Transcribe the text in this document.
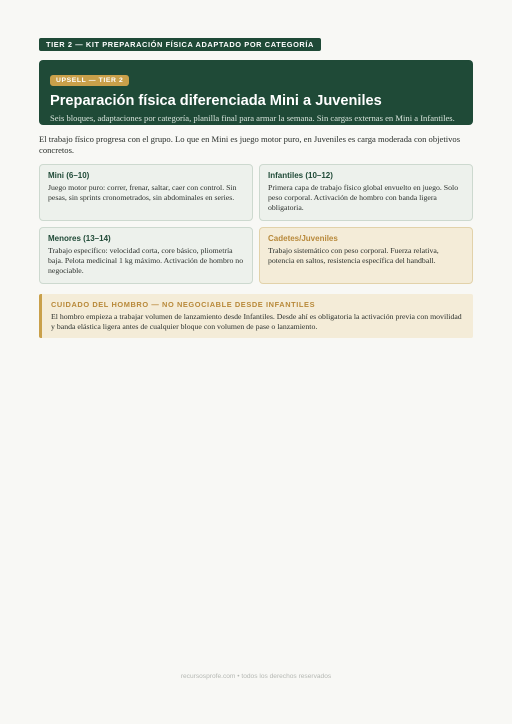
TIER 2 — KIT PREPARACIÓN FÍSICA ADAPTADO POR CATEGORÍA
UPSELL — TIER 2
Preparación física diferenciada Mini a Juveniles
Seis bloques, adaptaciones por categoría, planilla final para armar la semana. Sin cargas externas en Mini a Infantiles.
El trabajo físico progresa con el grupo. Lo que en Mini es juego motor puro, en Juveniles es carga moderada con objetivos concretos.
Mini (6–10)
Juego motor puro: correr, frenar, saltar, caer con control. Sin pesas, sin sprints cronometrados, sin abdominales en series.
Infantiles (10–12)
Primera capa de trabajo físico global envuelto en juego. Solo peso corporal. Activación de hombro con banda ligera obligatoria.
Menores (13–14)
Trabajo específico: velocidad corta, core básico, pliometría baja. Pelota medicinal 1 kg máximo. Activación de hombro no negociable.
Cadetes/Juveniles
Trabajo sistemático con peso corporal. Fuerza relativa, potencia en saltos, resistencia específica del handball.
CUIDADO DEL HOMBRO — NO NEGOCIABLE DESDE INFANTILES
El hombro empieza a trabajar volumen de lanzamiento desde Infantiles. Desde ahí es obligatoria la activación previa con movilidad y banda elástica ligera antes de cualquier bloque con volumen de pase o lanzamiento.
recursosprofe.com • todos los derechos reservados
